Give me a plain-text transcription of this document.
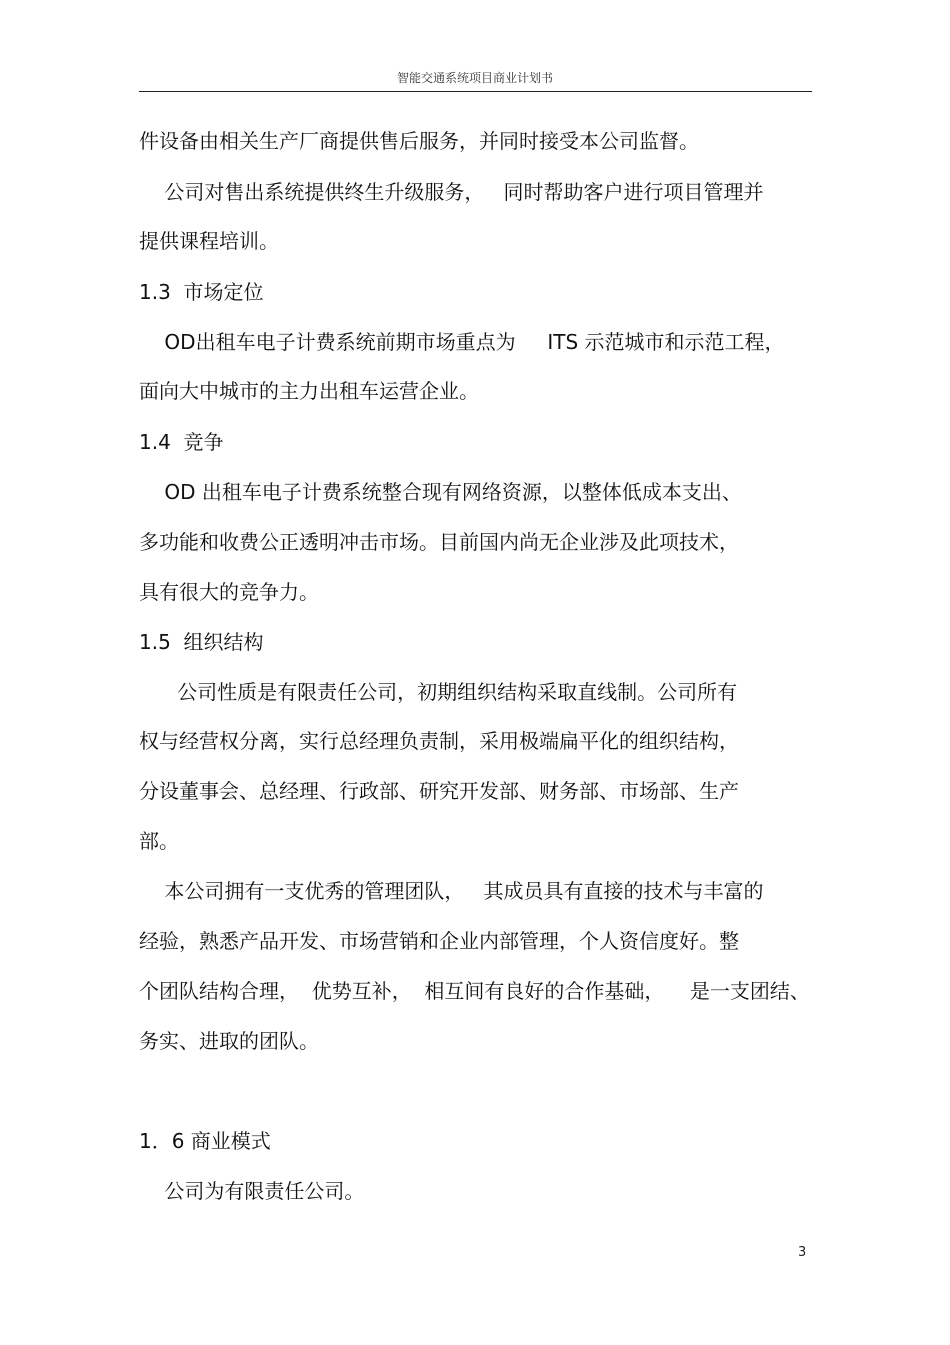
智能交通系统项目商业计划书
件设备由相关生产厂商提供售后服务，并同时接受本公司监督。
公司对售出系统提供终生升级服务，   同时帮助客户进行项目管理并
提供课程培训。
1.3  市场定位
OD出租车电子计费系统前期市场重点为     ITS 示范城市和示范工程，
面向大中城市的主力出租车运营企业。
1.4  竞争
OD 出租车电子计费系统整合现有网络资源，以整体低成本支出、
多功能和收费公正透明冲击市场。目前国内尚无企业涉及此项技术，
具有很大的竞争力。
1.5  组织结构
公司性质是有限责任公司，初期组织结构采取直线制。公司所有
权与经营权分离，实行总经理负责制，采用极端扁平化的组织结构，
分设董事会、总经理、行政部、研究开发部、财务部、市场部、生产
部。
本公司拥有一支优秀的管理团队，   其成员具有直接的技术与丰富的
经验，熟悉产品开发、市场营销和企业内部管理，个人资信度好。整
个团队结构合理，  优势互补，  相互间有良好的合作基础，    是一支团结、
务实、进取的团队。
1．6 商业模式
公司为有限责任公司。
3
